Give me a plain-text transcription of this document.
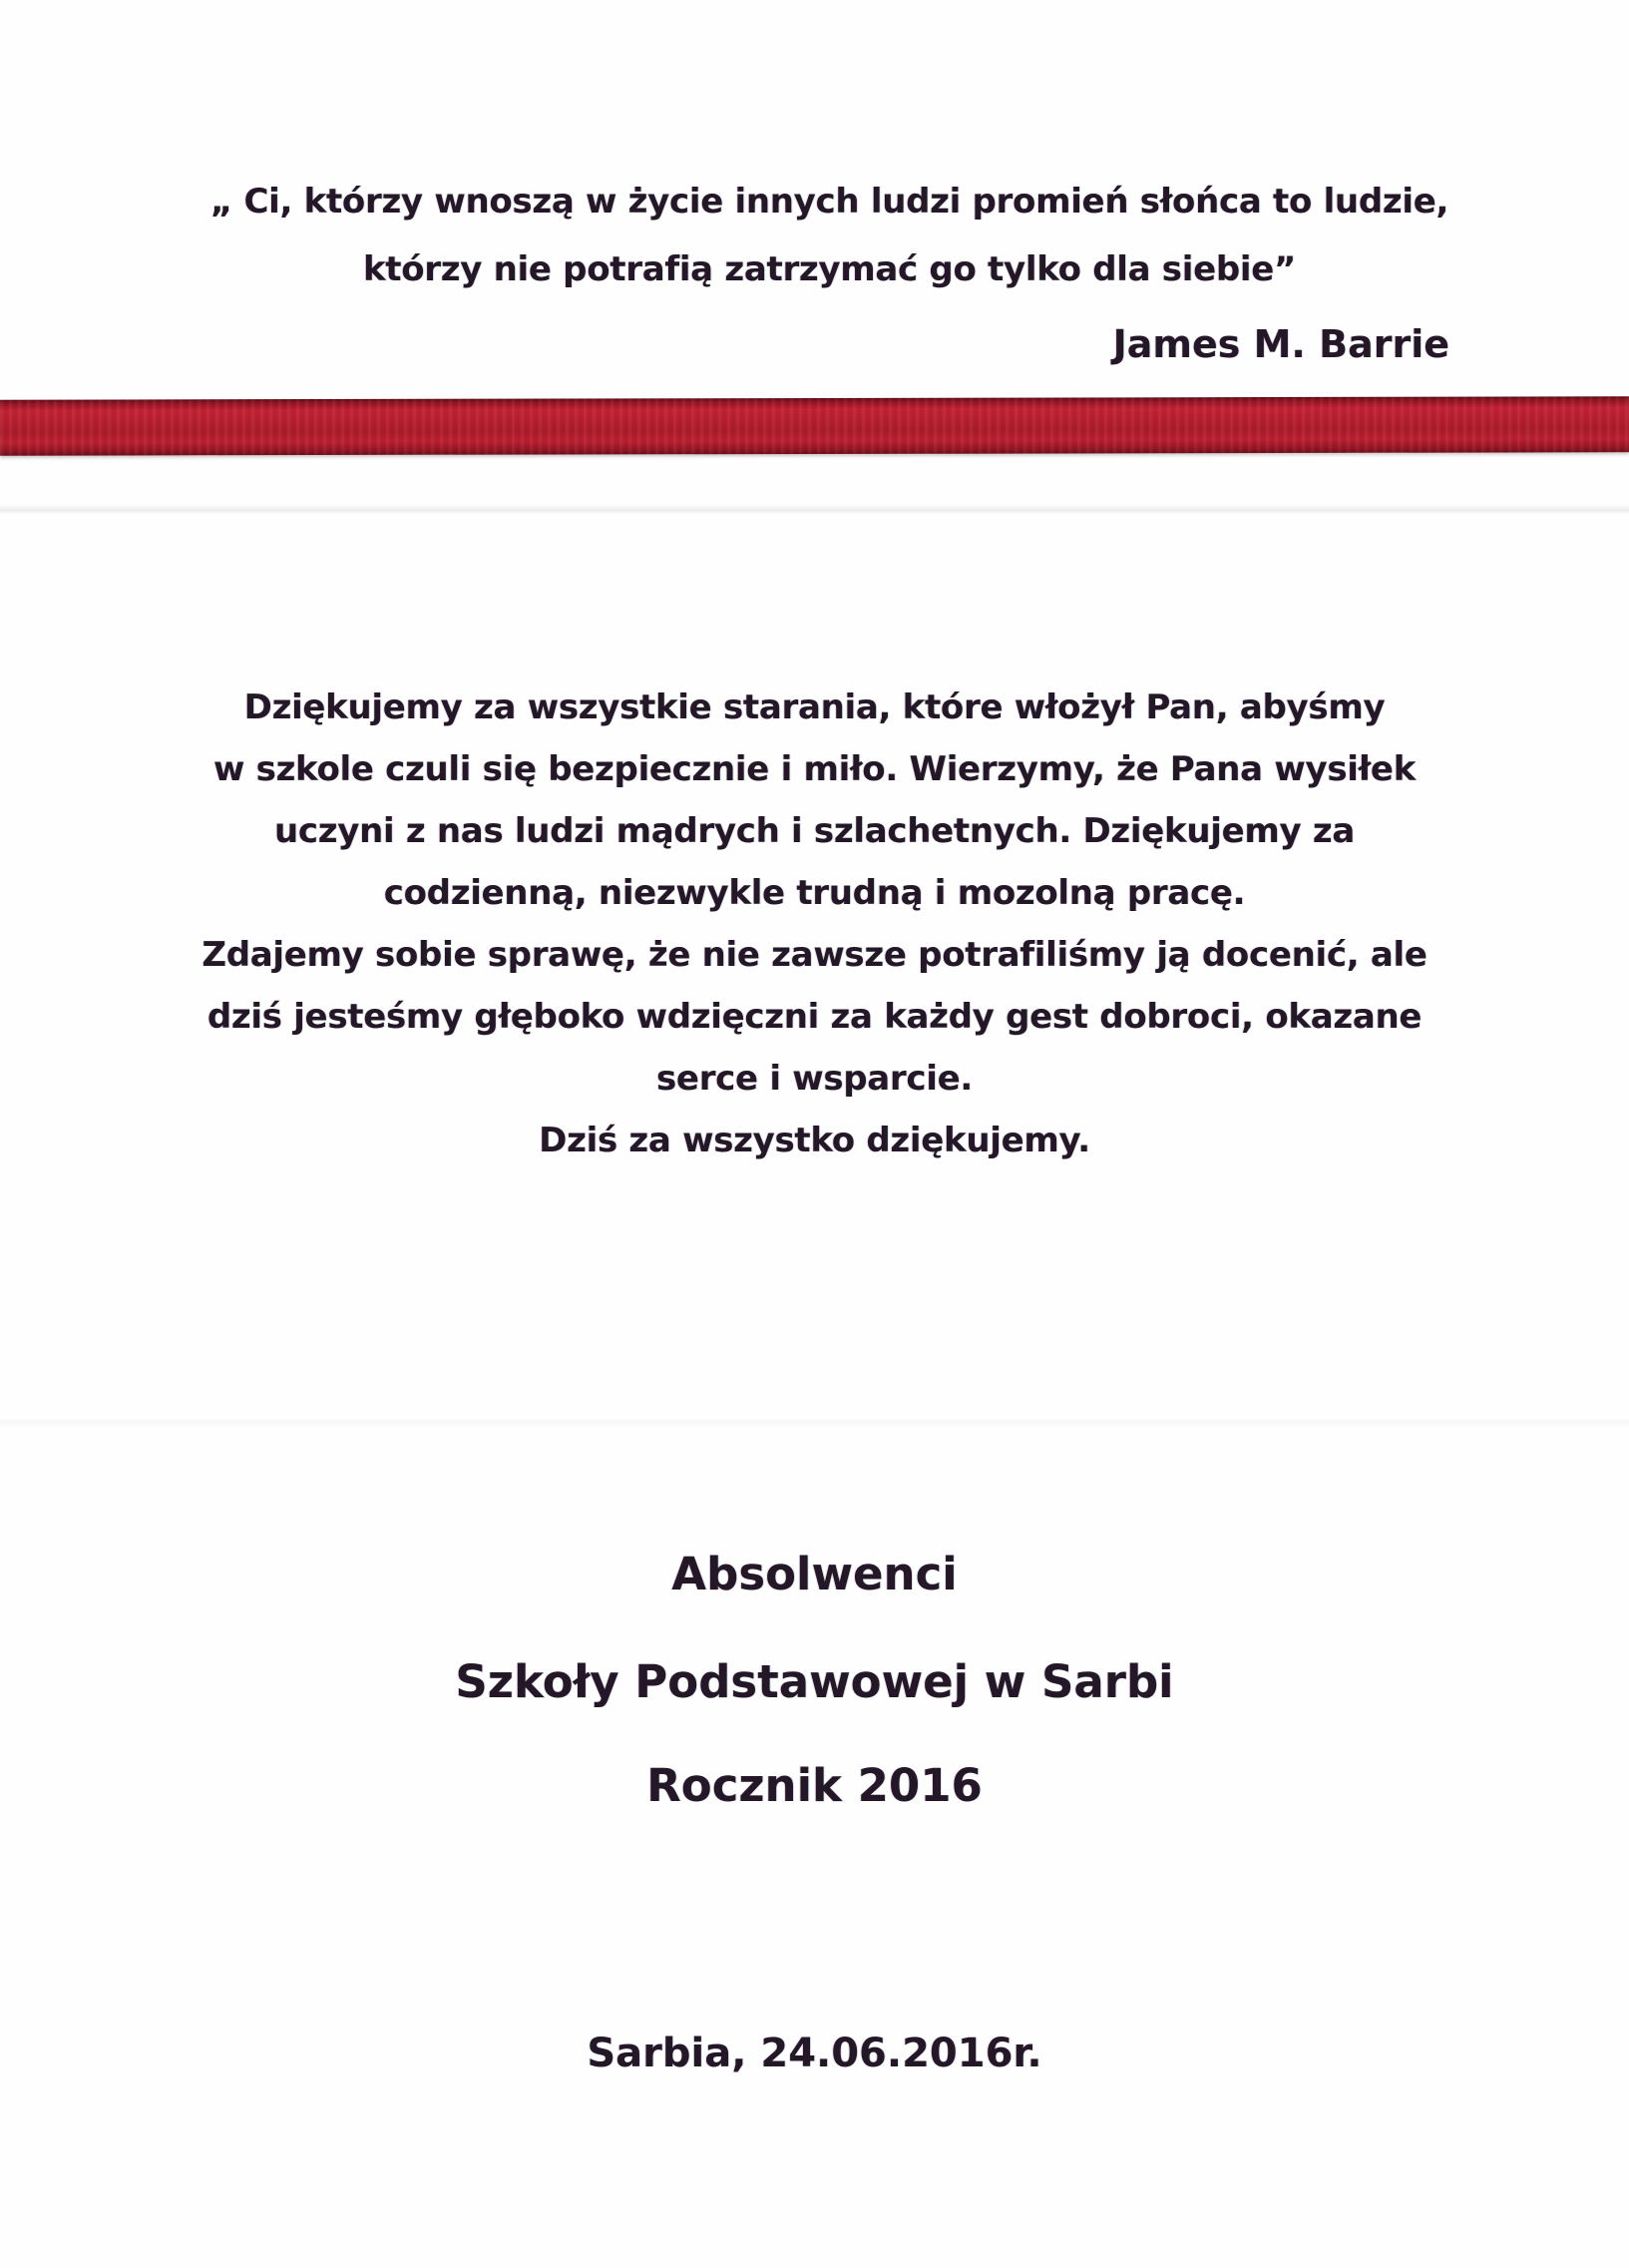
„ Ci, którzy wnoszą w życie innych ludzi promień słońca to ludzie,
którzy nie potrafią zatrzymać go tylko dla siebie”
James M. Barrie
Dziękujemy za wszystkie starania, które włożył Pan, abyśmy
w szkole czuli się bezpiecznie i miło. Wierzymy, że Pana wysiłek
uczyni z nas ludzi mądrych i szlachetnych. Dziękujemy za
codzienną, niezwykle trudną i mozolną pracę.
Zdajemy sobie sprawę, że nie zawsze potrafiliśmy ją docenić, ale
dziś jesteśmy głęboko wdzięczni za każdy gest dobroci, okazane
serce i wsparcie.
Dziś za wszystko dziękujemy.
Absolwenci
Szkoły Podstawowej w Sarbi
Rocznik 2016
Sarbia, 24.06.2016r.
